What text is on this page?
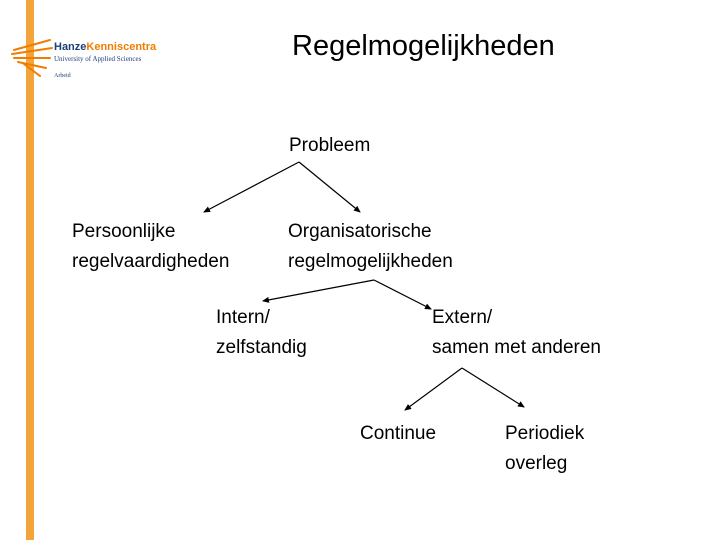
HanzeKenniscentra
University of Applied Sciences
Arbeid
Regelmogelijkheden
Probleem
Persoonlijke
regelvaardigheden
Organisatorische
regelmogelijkheden
Intern/
zelfstandig
Extern/
samen met anderen
Continue	Periodiek
overleg
